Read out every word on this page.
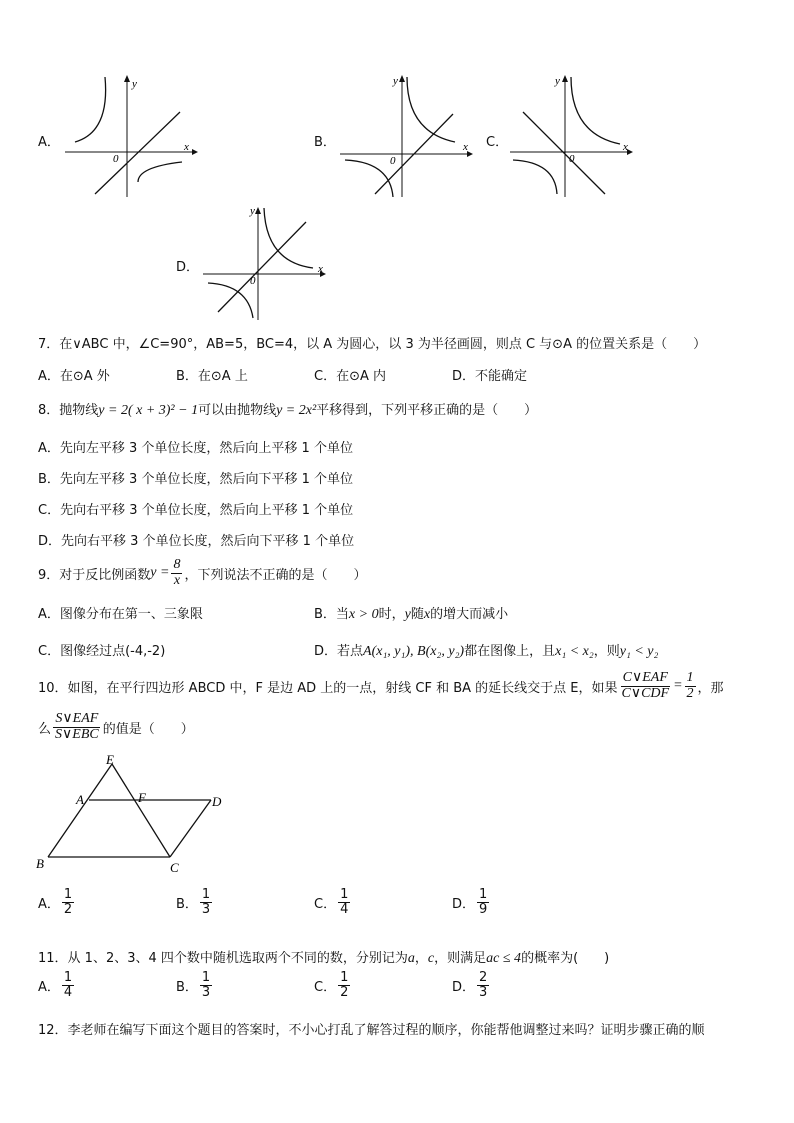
A．
y
x
0
B．
y
x
0
C．
y
x
0
D．
y
x
0
7．在∨ABC 中，∠C=90°，AB=5，BC=4，以 A 为圆心，以 3 为半径画圆，则点 C 与⊙A 的位置关系是（　　）
A．在⊙A 外	B．在⊙A 上	C．在⊙A 内	D．不能确定
8．抛物线y = 2( x + 3)² − 1可以由抛物线y = 2x²平移得到，下列平移正确的是（　　）
A．先向左平移 3 个单位长度，然后向上平移 1 个单位
B．先向左平移 3 个单位长度，然后向下平移 1 个单位
C．先向右平移 3 个单位长度，然后向上平移 1 个单位
D．先向右平移 3 个单位长度，然后向下平移 1 个单位
9．对于反比例函数 $y = \frac{8}{x}$ ，下列说法不正确的是（　　）
A．图像分布在第一、三象限	B．当x > 0时，y随x的增大而减小
C．图像经过点(-4,-2)	D．若点A(x₁, y₁), B(x₂, y₂)都在图像上，且x₁ < x₂，则y₁ < y₂
10．如图，在平行四边形 ABCD 中，F 是边 AD 上的一点，射线 CF 和 BA 的延长线交于点 E，如果 $\frac{\text{C∨EAF}}{\text{C∨CDF}} = \frac{1}{2}$ ，那
么 $\frac{\text{S∨EAF}}{\text{S∨EBC}}$ 的值是（　　）
E
A	F	D
B	C
A． $\frac{1}{2}$	B． $\frac{1}{3}$	C． $\frac{1}{4}$	D． $\frac{1}{9}$
11．从 1、2、3、4 四个数中随机选取两个不同的数，分别记为a，c，则满足ac ≤ 4的概率为(　　)
A． $\frac{1}{4}$	B． $\frac{1}{3}$	C． $\frac{1}{2}$	D． $\frac{2}{3}$
12．李老师在编写下面这个题目的答案时，不小心打乱了解答过程的顺序，你能帮他调整过来吗？证明步骤正确的顺
